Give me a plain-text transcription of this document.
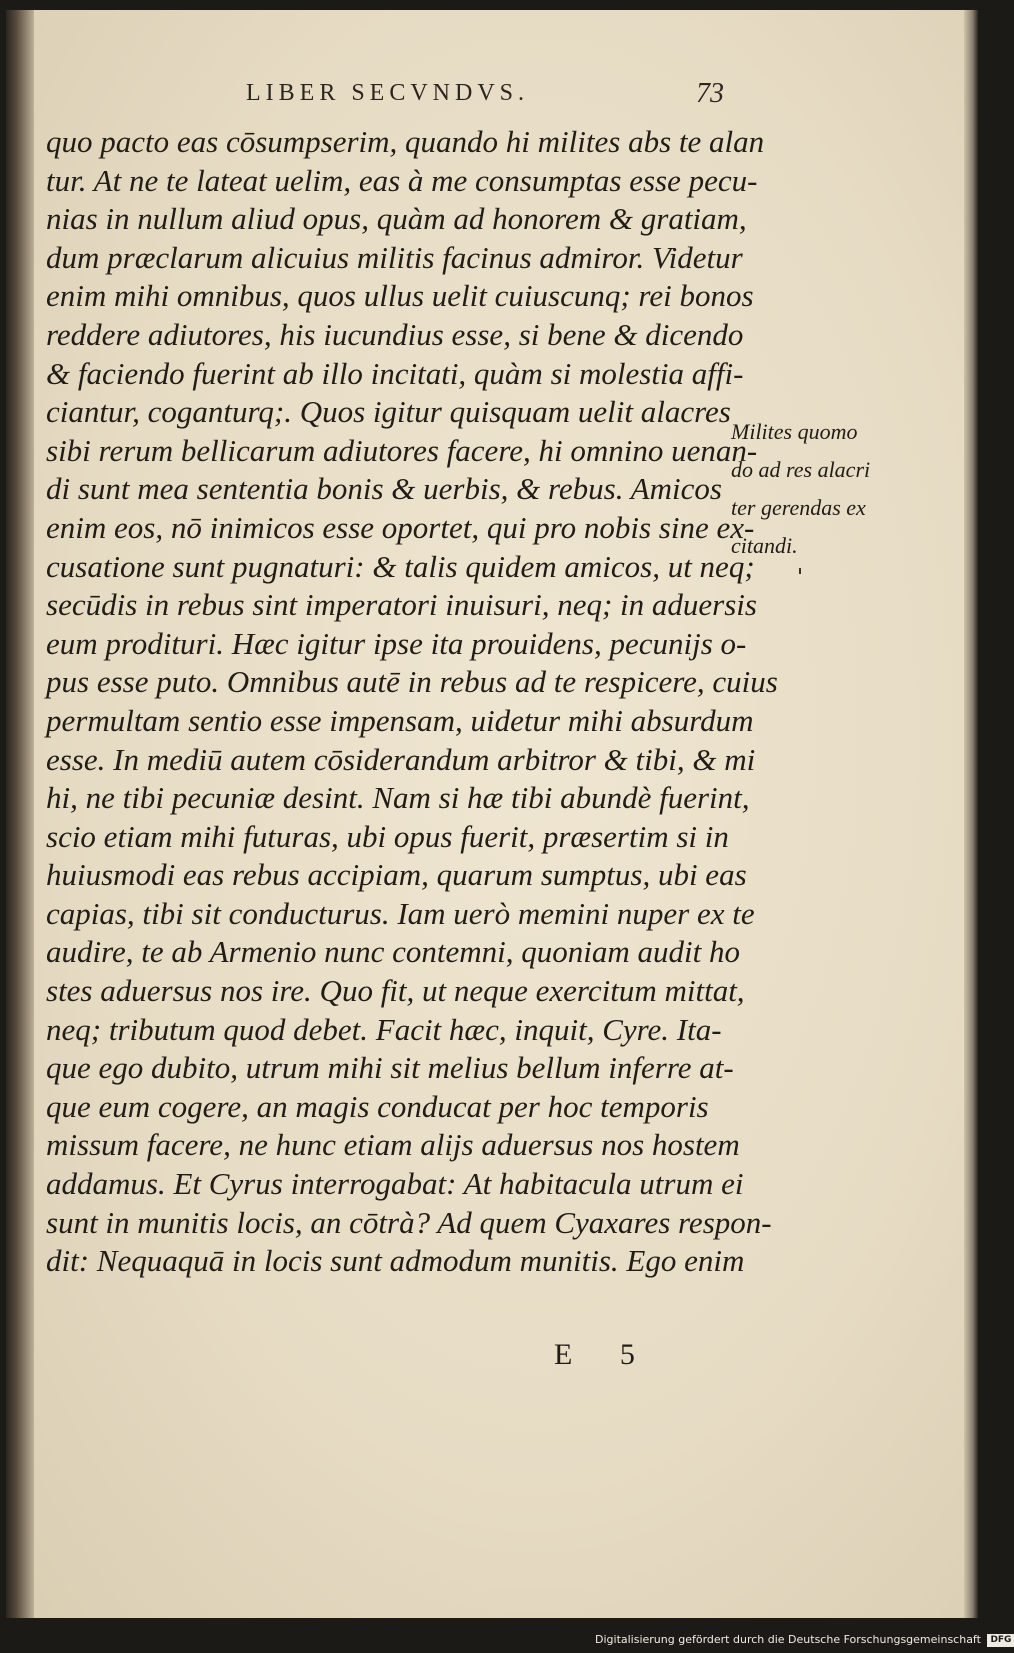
LIBER SECVNDVS.	73
quo pacto eas cōsumpserim, quando hi milites abs te alan
tur. At ne te lateat uelim, eas à me consumptas esse pecu-
nias in nullum aliud opus, quàm ad honorem & gratiam,
dum præclarum alicuius militis facinus admiror. Videtur
enim mihi omnibus, quos ullus uelit cuiuscunq; rei bonos
reddere adiutores, his iucundius esse, si bene & dicendo
& faciendo fuerint ab illo incitati, quàm si molestia affi-
ciantur, coganturq;. Quos igitur quisquam uelit alacres
sibi rerum bellicarum adiutores facere, hi omnino uenan-
di sunt mea sententia bonis & uerbis, & rebus. Amicos
enim eos, nō inimicos esse oportet, qui pro nobis sine ex-
cusatione sunt pugnaturi: & talis quidem amicos, ut neq;
secūdis in rebus sint imperatori inuisuri, neq; in aduersis
eum prodituri. Hæc igitur ipse ita prouidens, pecunijs o-
pus esse puto. Omnibus autē in rebus ad te respicere, cuius
permultam sentio esse impensam, uidetur mihi absurdum
esse. In mediū autem cōsiderandum arbitror & tibi, & mi
hi, ne tibi pecuniæ desint. Nam si hæ tibi abundè fuerint,
scio etiam mihi futuras, ubi opus fuerit, præsertim si in
huiusmodi eas rebus accipiam, quarum sumptus, ubi eas
capias, tibi sit conducturus. Iam uerò memini nuper ex te
audire, te ab Armenio nunc contemni, quoniam audit ho
stes aduersus nos ire. Quo fit, ut neque exercitum mittat,
neq; tributum quod debet. Facit hæc, inquit, Cyre. Ita-
que ego dubito, utrum mihi sit melius bellum inferre at-
que eum cogere, an magis conducat per hoc temporis
missum facere, ne hunc etiam alijs aduersus nos hostem
addamus. Et Cyrus interrogabat: At habitacula utrum ei
sunt in munitis locis, an cōtrà? Ad quem Cyaxares respon-
dit: Nequaquā in locis sunt admodum munitis. Ego enim
Milites quomo
do ad res alacri
ter gerendas ex
citandi.
E 5
Digitalisierung gefördert durch die Deutsche Forschungsgemeinschaft DFG
